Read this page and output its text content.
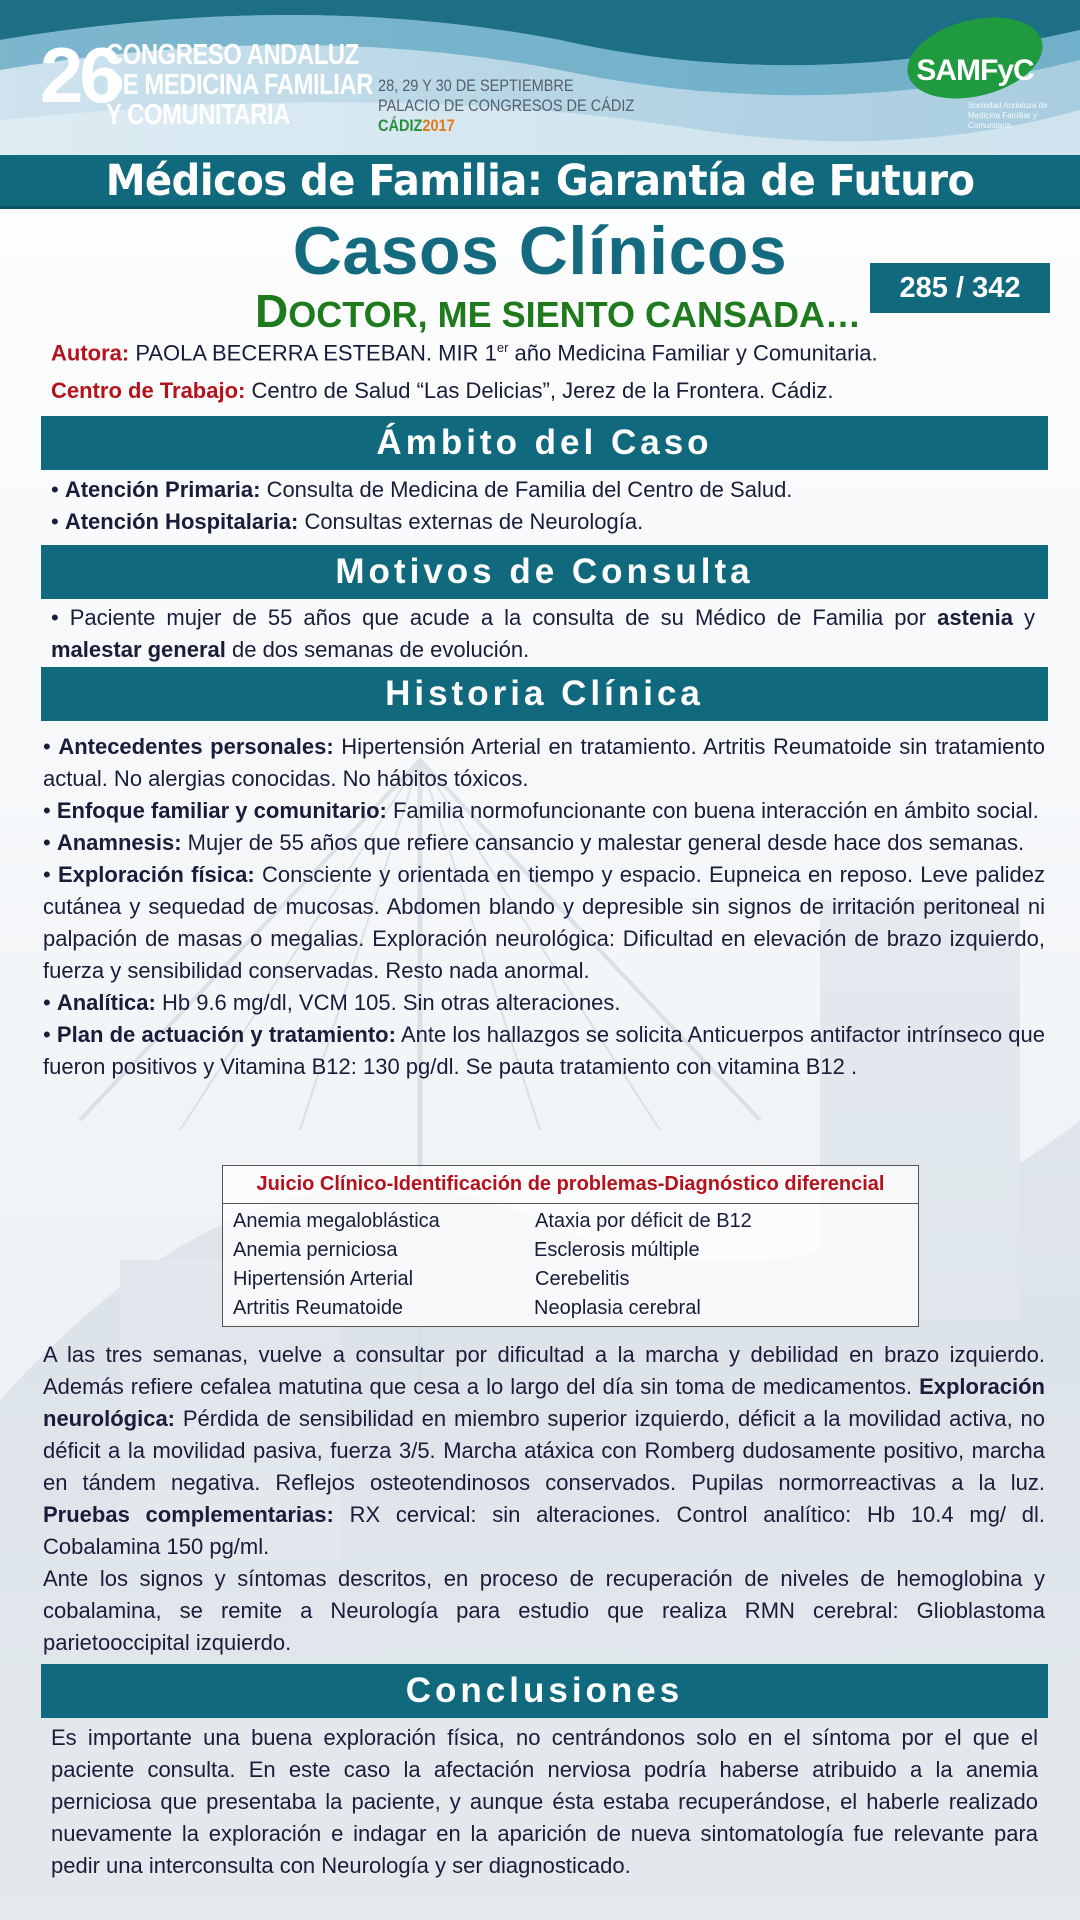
26
CONGRESO ANDALUZ
DE MEDICINA FAMILIAR
Y COMUNITARIA
28, 29 Y 30 DE SEPTIEMBRE
PALACIO DE CONGRESOS DE CÁDIZ
CÁDIZ2017
SAMFyC
Sociedad Andaluza de Medicina Familiar y Comunitaria
Médicos de Familia: Garantía de Futuro
Casos Clínicos
DOCTOR, ME SIENTO CANSADA…
285 / 342
Autora: PAOLA BECERRA ESTEBAN. MIR 1er año Medicina Familiar y Comunitaria.
Centro de Trabajo: Centro de Salud “Las Delicias”, Jerez de la Frontera. Cádiz.
Ámbito del Caso
• Atención Primaria: Consulta de Medicina de Familia del Centro de Salud.
• Atención Hospitalaria: Consultas externas de Neurología.
Motivos de Consulta
• Paciente mujer de 55 años que acude a la consulta de su Médico de Familia por astenia y malestar general de dos semanas de evolución.
Historia Clínica
• Antecedentes personales: Hipertensión Arterial en tratamiento. Artritis Reumatoide sin tratamiento actual. No alergias conocidas. No hábitos tóxicos.
• Enfoque familiar y comunitario: Familia normofuncionante con buena interacción en ámbito social.
• Anamnesis: Mujer de 55 años que refiere cansancio y malestar general desde hace dos semanas.
• Exploración física: Consciente y orientada en tiempo y espacio. Eupneica en reposo. Leve palidez cutánea y sequedad de mucosas. Abdomen blando y depresible sin signos de irritación peritoneal ni palpación de masas o megalias. Exploración neurológica: Dificultad en elevación de brazo izquierdo, fuerza y sensibilidad conservadas. Resto nada anormal.
• Analítica: Hb 9.6 mg/dl, VCM 105. Sin otras alteraciones.
• Plan de actuación y tratamiento: Ante los hallazgos se solicita Anticuerpos antifactor intrínseco que fueron positivos y Vitamina B12: 130 pg/dl. Se pauta tratamiento con vitamina B12 .
Juicio Clínico-Identificación de problemas-Diagnóstico diferencial
Anemia megaloblástica
Anemia perniciosa
Hipertensión Arterial
Artritis Reumatoide
Ataxia por déficit de B12
Esclerosis múltiple
Cerebelitis
Neoplasia cerebral
A las tres semanas, vuelve a consultar por dificultad a la marcha y debilidad en brazo izquierdo. Además refiere cefalea matutina que cesa a lo largo del día sin toma de medicamentos. Exploración neurológica: Pérdida de sensibilidad en miembro superior izquierdo, déficit a la movilidad activa, no déficit a la movilidad pasiva, fuerza 3/5. Marcha atáxica con Romberg dudosamente positivo, marcha en tándem negativa. Reflejos osteotendinosos conservados. Pupilas normorreactivas a la luz. Pruebas complementarias: RX cervical: sin alteraciones. Control analítico: Hb 10.4 mg/ dl. Cobalamina 150 pg/ml.
Ante los signos y síntomas descritos, en proceso de recuperación de niveles de hemoglobina y cobalamina, se remite a Neurología para estudio que realiza RMN cerebral: Glioblastoma parietooccipital izquierdo.
Conclusiones
Es importante una buena exploración física, no centrándonos solo en el síntoma por el que el paciente consulta. En este caso la afectación nerviosa podría haberse atribuido a la anemia perniciosa que presentaba la paciente, y aunque ésta estaba recuperándose, el haberle realizado nuevamente la exploración e indagar en la aparición de nueva sintomatología fue relevante para pedir una interconsulta con Neurología y ser diagnosticado.
